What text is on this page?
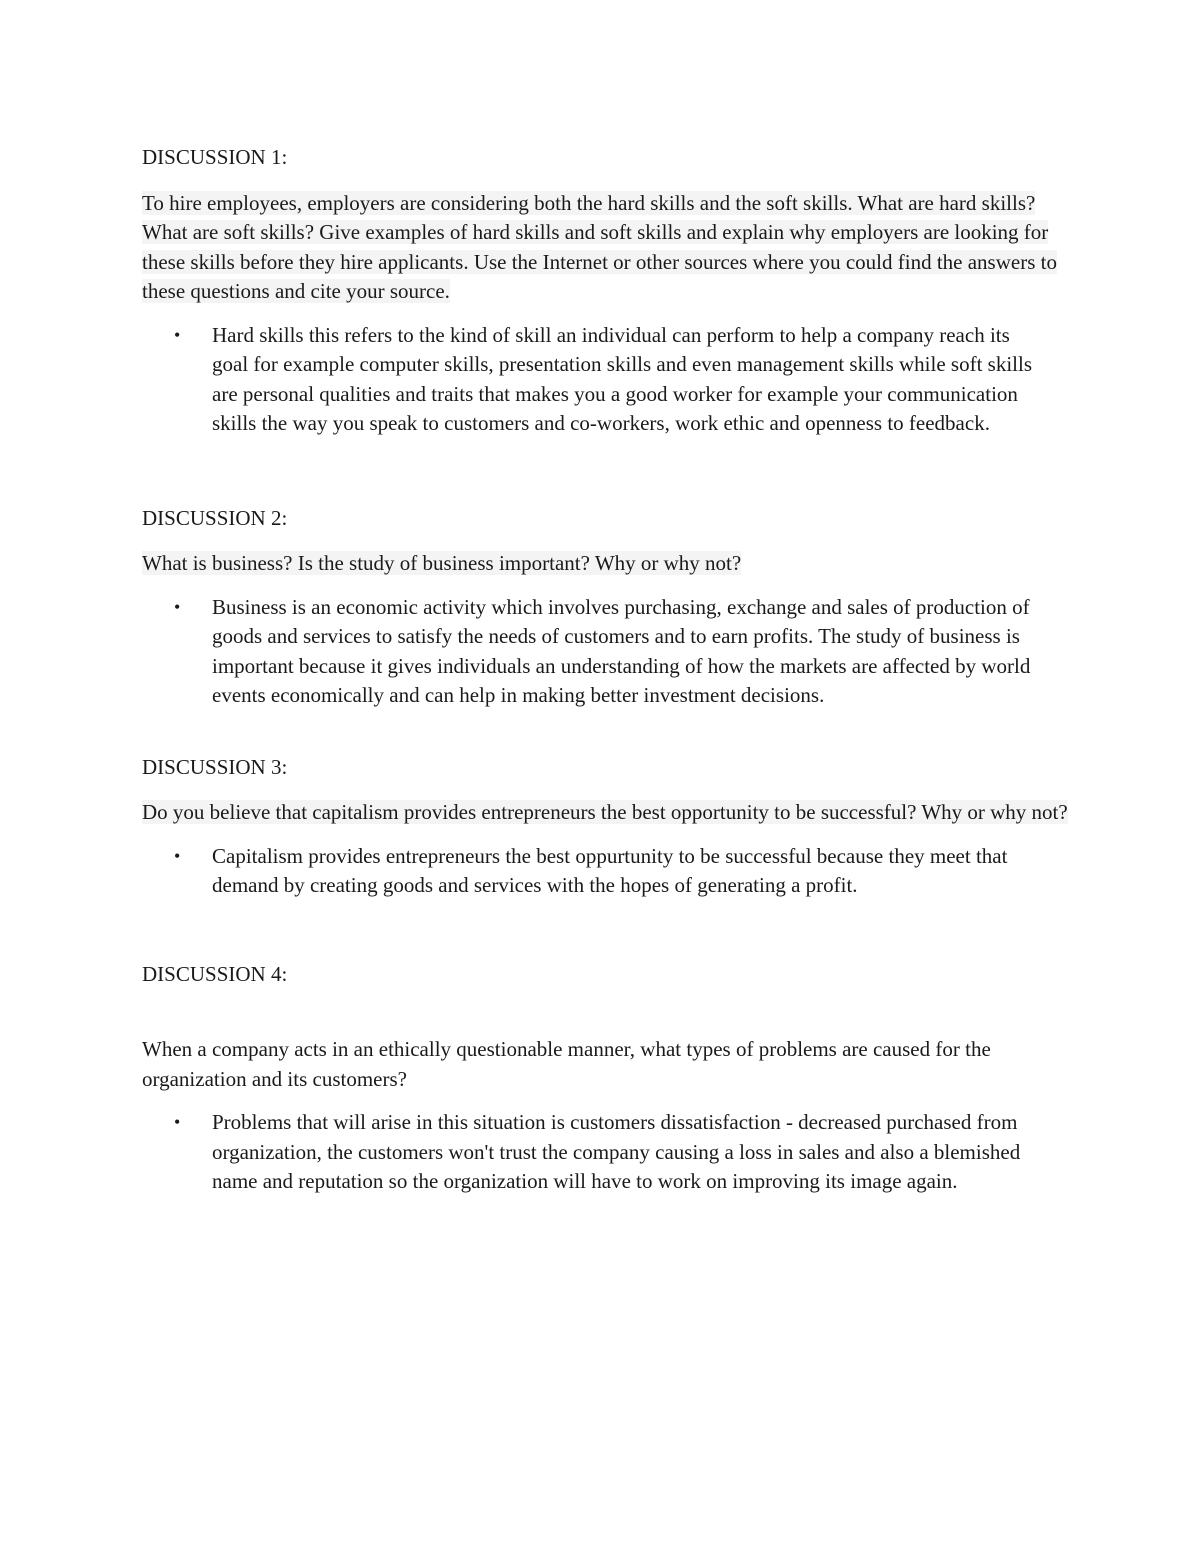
DISCUSSION 1:

To hire employees, employers are considering both the hard skills and the soft skills. What are hard skills? What are soft skills? Give examples of hard skills and soft skills and explain why employers are looking for these skills before they hire applicants. Use the Internet or other sources where you could find the answers to these questions and cite your source.

• Hard skills this refers to the kind of skill an individual can perform to help a company reach its goal for example computer skills, presentation skills and even management skills while soft skills are personal qualities and traits that makes you a good worker for example your communication skills the way you speak to customers and co-workers, work ethic and openness to feedback.
DISCUSSION 2:

What is business? Is the study of business important? Why or why not?

• Business is an economic activity which involves purchasing, exchange and sales of production of goods and services to satisfy the needs of customers and to earn profits. The study of business is important because it gives individuals an understanding of how the markets are affected by world events economically and can help in making better investment decisions.
DISCUSSION 3:

Do you believe that capitalism provides entrepreneurs the best opportunity to be successful? Why or why not?

• Capitalism provides entrepreneurs the best oppurtunity to be successful because they meet that demand by creating goods and services with the hopes of generating a profit.
DISCUSSION 4:

When a company acts in an ethically questionable manner, what types of problems are caused for the organization and its customers?

• Problems that will arise in this situation is customers dissatisfaction - decreased purchased from organization, the customers won't trust the company causing a loss in sales and also a blemished name and reputation so the organization will have to work on improving its image again.
